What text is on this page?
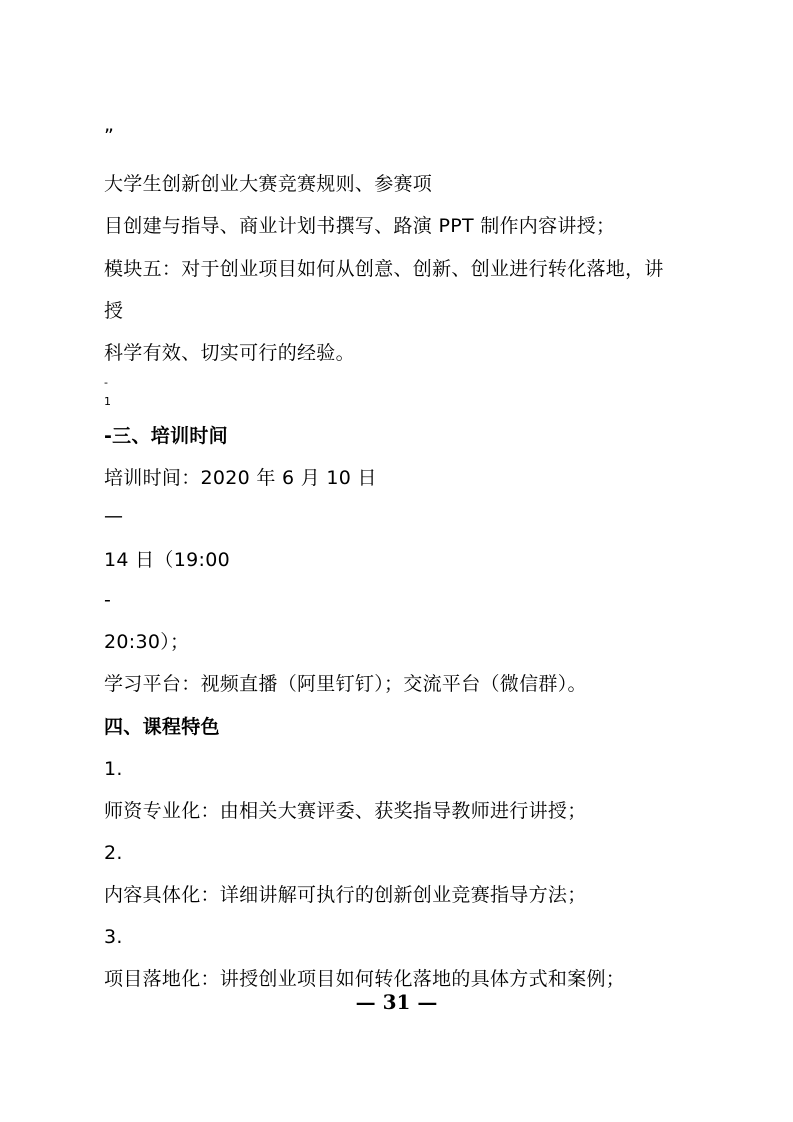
”
大学生创新创业大赛竞赛规则、参赛项
目创建与指导、商业计划书撰写、路演 PPT 制作内容讲授；
模块五：对于创业项目如何从创意、创新、创业进行转化落地，讲
授
科学有效、切实可行的经验。
-
1
-三、培训时间
培训时间：2020 年 6 月 10 日
—
14 日（19:00
-
20:30）；
学习平台：视频直播（阿里钉钉）；交流平台（微信群）。
四、课程特色
1.
师资专业化：由相关大赛评委、获奖指导教师进行讲授；
2.
内容具体化：详细讲解可执行的创新创业竞赛指导方法；
3.
项目落地化：讲授创业项目如何转化落地的具体方式和案例；
— 31 —
